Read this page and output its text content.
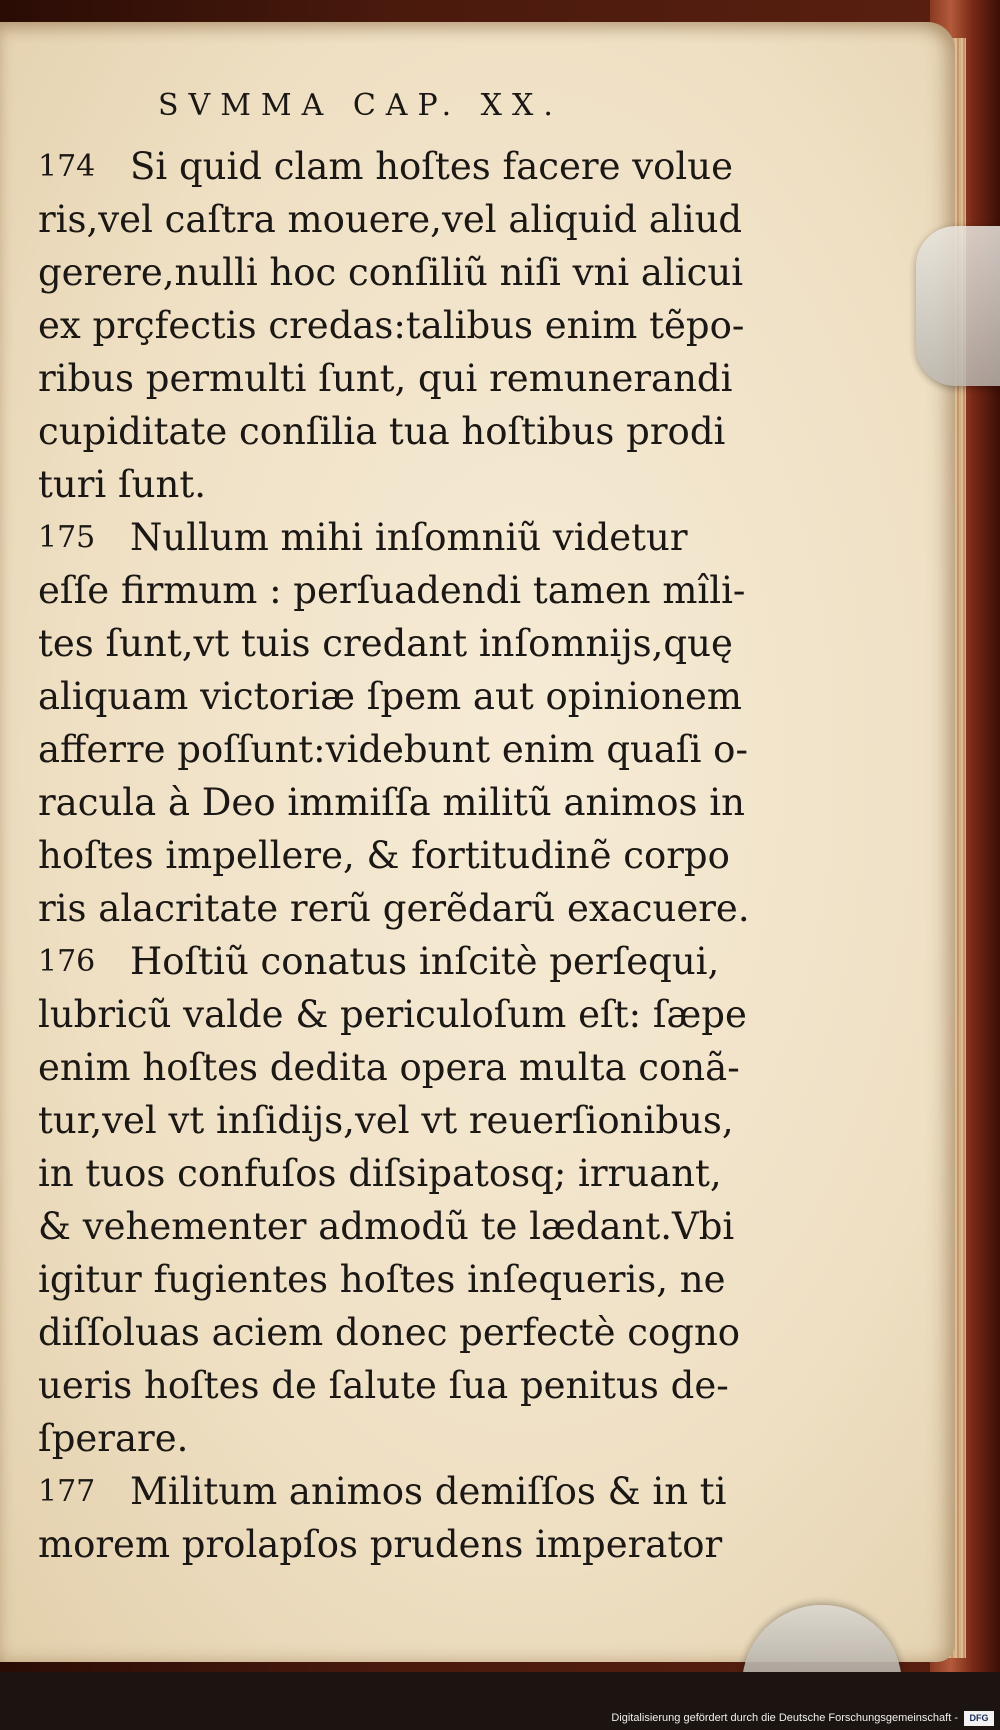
SVMMA CAP. XX.
174 Si quid clam hoſtes facere volue
ris,vel caſtra mouere,vel aliquid aliud
gerere,nulli hoc conſiliũ niſi vni alicui
ex prçfectis credas:talibus enim tẽpo-
ribus permulti ſunt, qui remunerandi
cupiditate conſilia tua hoſtibus prodi
turi ſunt.
175 Nullum mihi inſomniũ videtur
eſſe firmum : perſuadendi tamen mîli-
tes ſunt,vt tuis credant inſomnijs,quę
aliquam victoriæ ſpem aut opinionem
afferre poſſunt:videbunt enim quaſi o-
racula à Deo immiſſa militũ animos in
hoſtes impellere, & fortitudinẽ corpo
ris alacritate rerũ gerẽdarũ exacuere.
176 Hoſtiũ conatus inſcitè perſequi,
lubricũ valde & periculoſum eſt: ſæpe
enim hoſtes dedita opera multa conã-
tur,vel vt inſidijs,vel vt reuerſionibus,
in tuos confuſos diſsipatosq; irruant,
& vehementer admodũ te lædant.Vbi
igitur fugientes hoſtes inſequeris, ne
diſſoluas aciem donec perfectè cogno
ueris hoſtes de ſalute ſua penitus de-
ſperare.
177 Militum animos demiſſos & in ti
morem prolapſos prudens imperator
Digitalisierung gefördert durch die Deutsche Forschungsgemeinschaft -	DFG
